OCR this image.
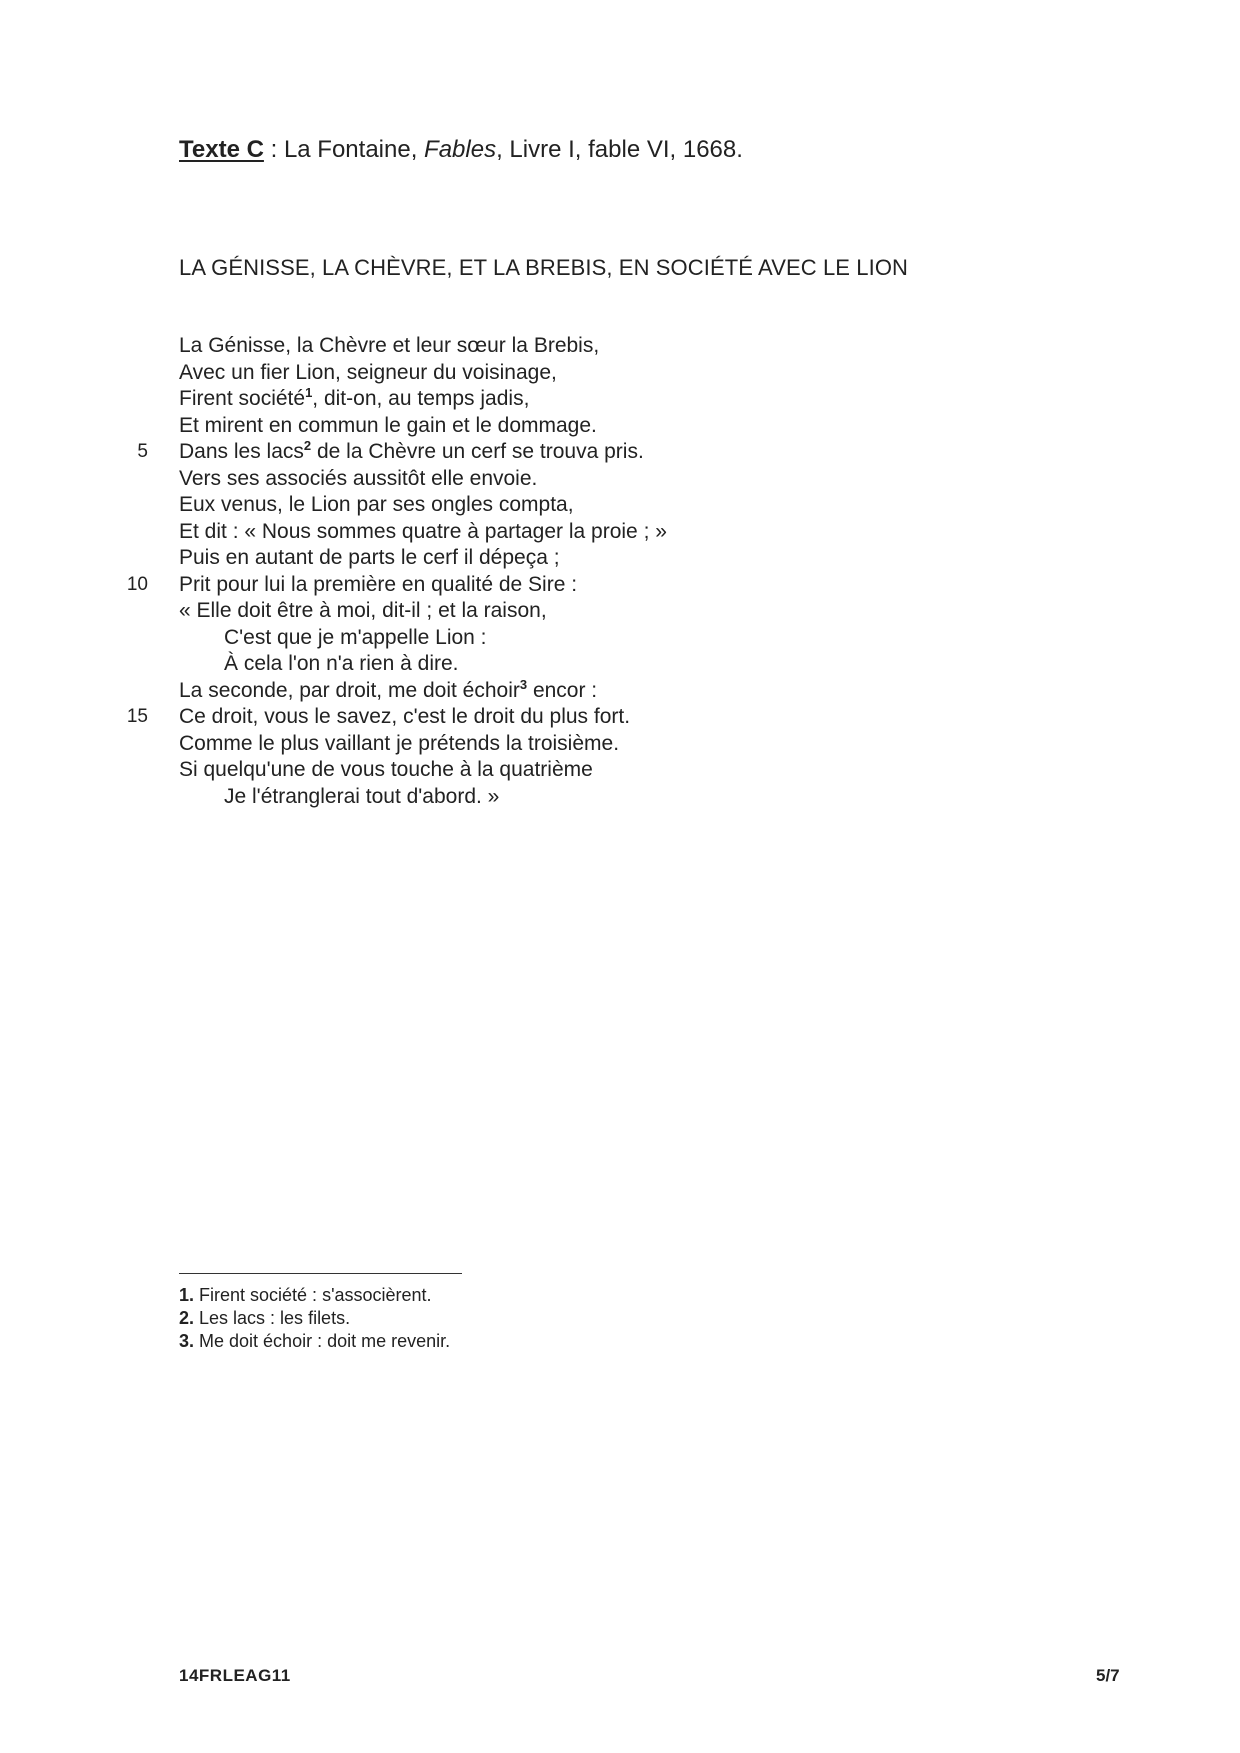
Texte C : La Fontaine, Fables, Livre I, fable VI, 1668.
LA GÉNISSE, LA CHÈVRE, ET LA BREBIS, EN SOCIÉTÉ AVEC LE LION
La Génisse, la Chèvre et leur sœur la Brebis,
Avec un fier Lion, seigneur du voisinage,
Firent société$^1$, dit-on, au temps jadis,
Et mirent en commun le gain et le dommage.
5 Dans les lacs$^2$ de la Chèvre un cerf se trouva pris.
Vers ses associés aussitôt elle envoie.
Eux venus, le Lion par ses ongles compta,
Et dit : « Nous sommes quatre à partager la proie ; »
Puis en autant de parts le cerf il dépeça ;
10 Prit pour lui la première en qualité de Sire :
« Elle doit être à moi, dit-il ; et la raison,
C'est que je m'appelle Lion :
À cela l'on n'a rien à dire.
La seconde, par droit, me doit échoir$^3$ encor :
15 Ce droit, vous le savez, c'est le droit du plus fort.
Comme le plus vaillant je prétends la troisième.
Si quelqu'une de vous touche à la quatrième
Je l'étranglerai tout d'abord. »
1. Firent société : s'associèrent.
2. Les lacs : les filets.
3. Me doit échoir : doit me revenir.
14FRLEAG11	5/7
